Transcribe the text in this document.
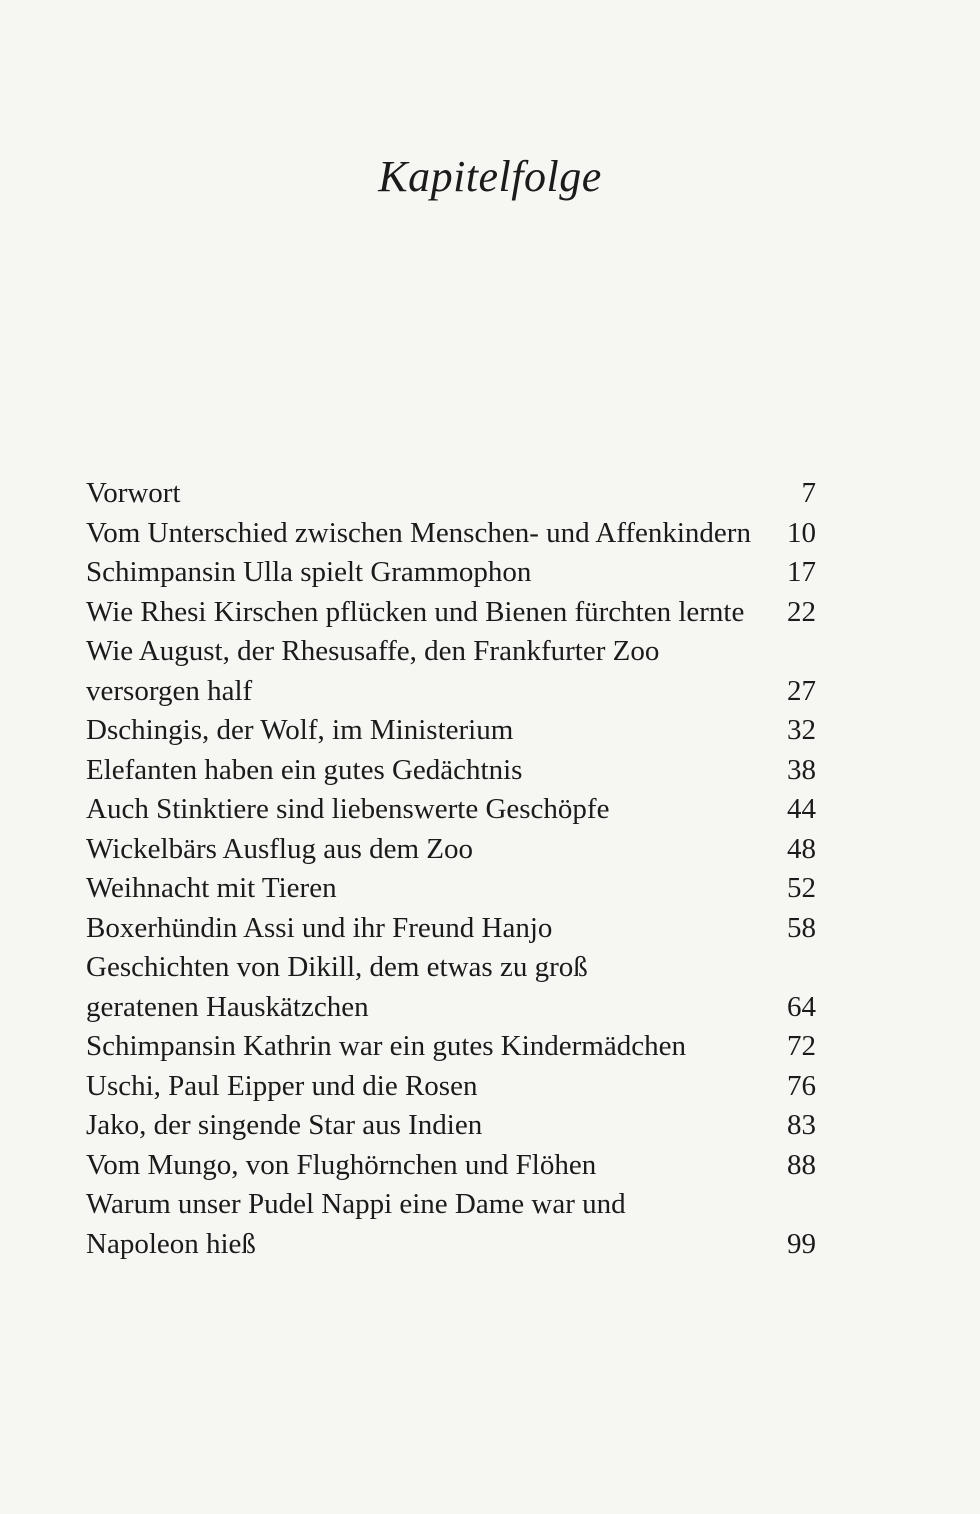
Kapitelfolge
Vorwort	7
Vom Unterschied zwischen Menschen- und Affenkindern	10
Schimpansin Ulla spielt Grammophon	17
Wie Rhesi Kirschen pflücken und Bienen fürchten lernte	22
Wie August, der Rhesusaffe, den Frankfurter Zoo
versorgen half	27
Dschingis, der Wolf, im Ministerium	32
Elefanten haben ein gutes Gedächtnis	38
Auch Stinktiere sind liebenswerte Geschöpfe	44
Wickelbärs Ausflug aus dem Zoo	48
Weihnacht mit Tieren	52
Boxerhündin Assi und ihr Freund Hanjo	58
Geschichten von Dikill, dem etwas zu groß
geratenen Hauskätzchen	64
Schimpansin Kathrin war ein gutes Kindermädchen	72
Uschi, Paul Eipper und die Rosen	76
Jako, der singende Star aus Indien	83
Vom Mungo, von Flughörnchen und Flöhen	88
Warum unser Pudel Nappi eine Dame war und
Napoleon hieß	99
